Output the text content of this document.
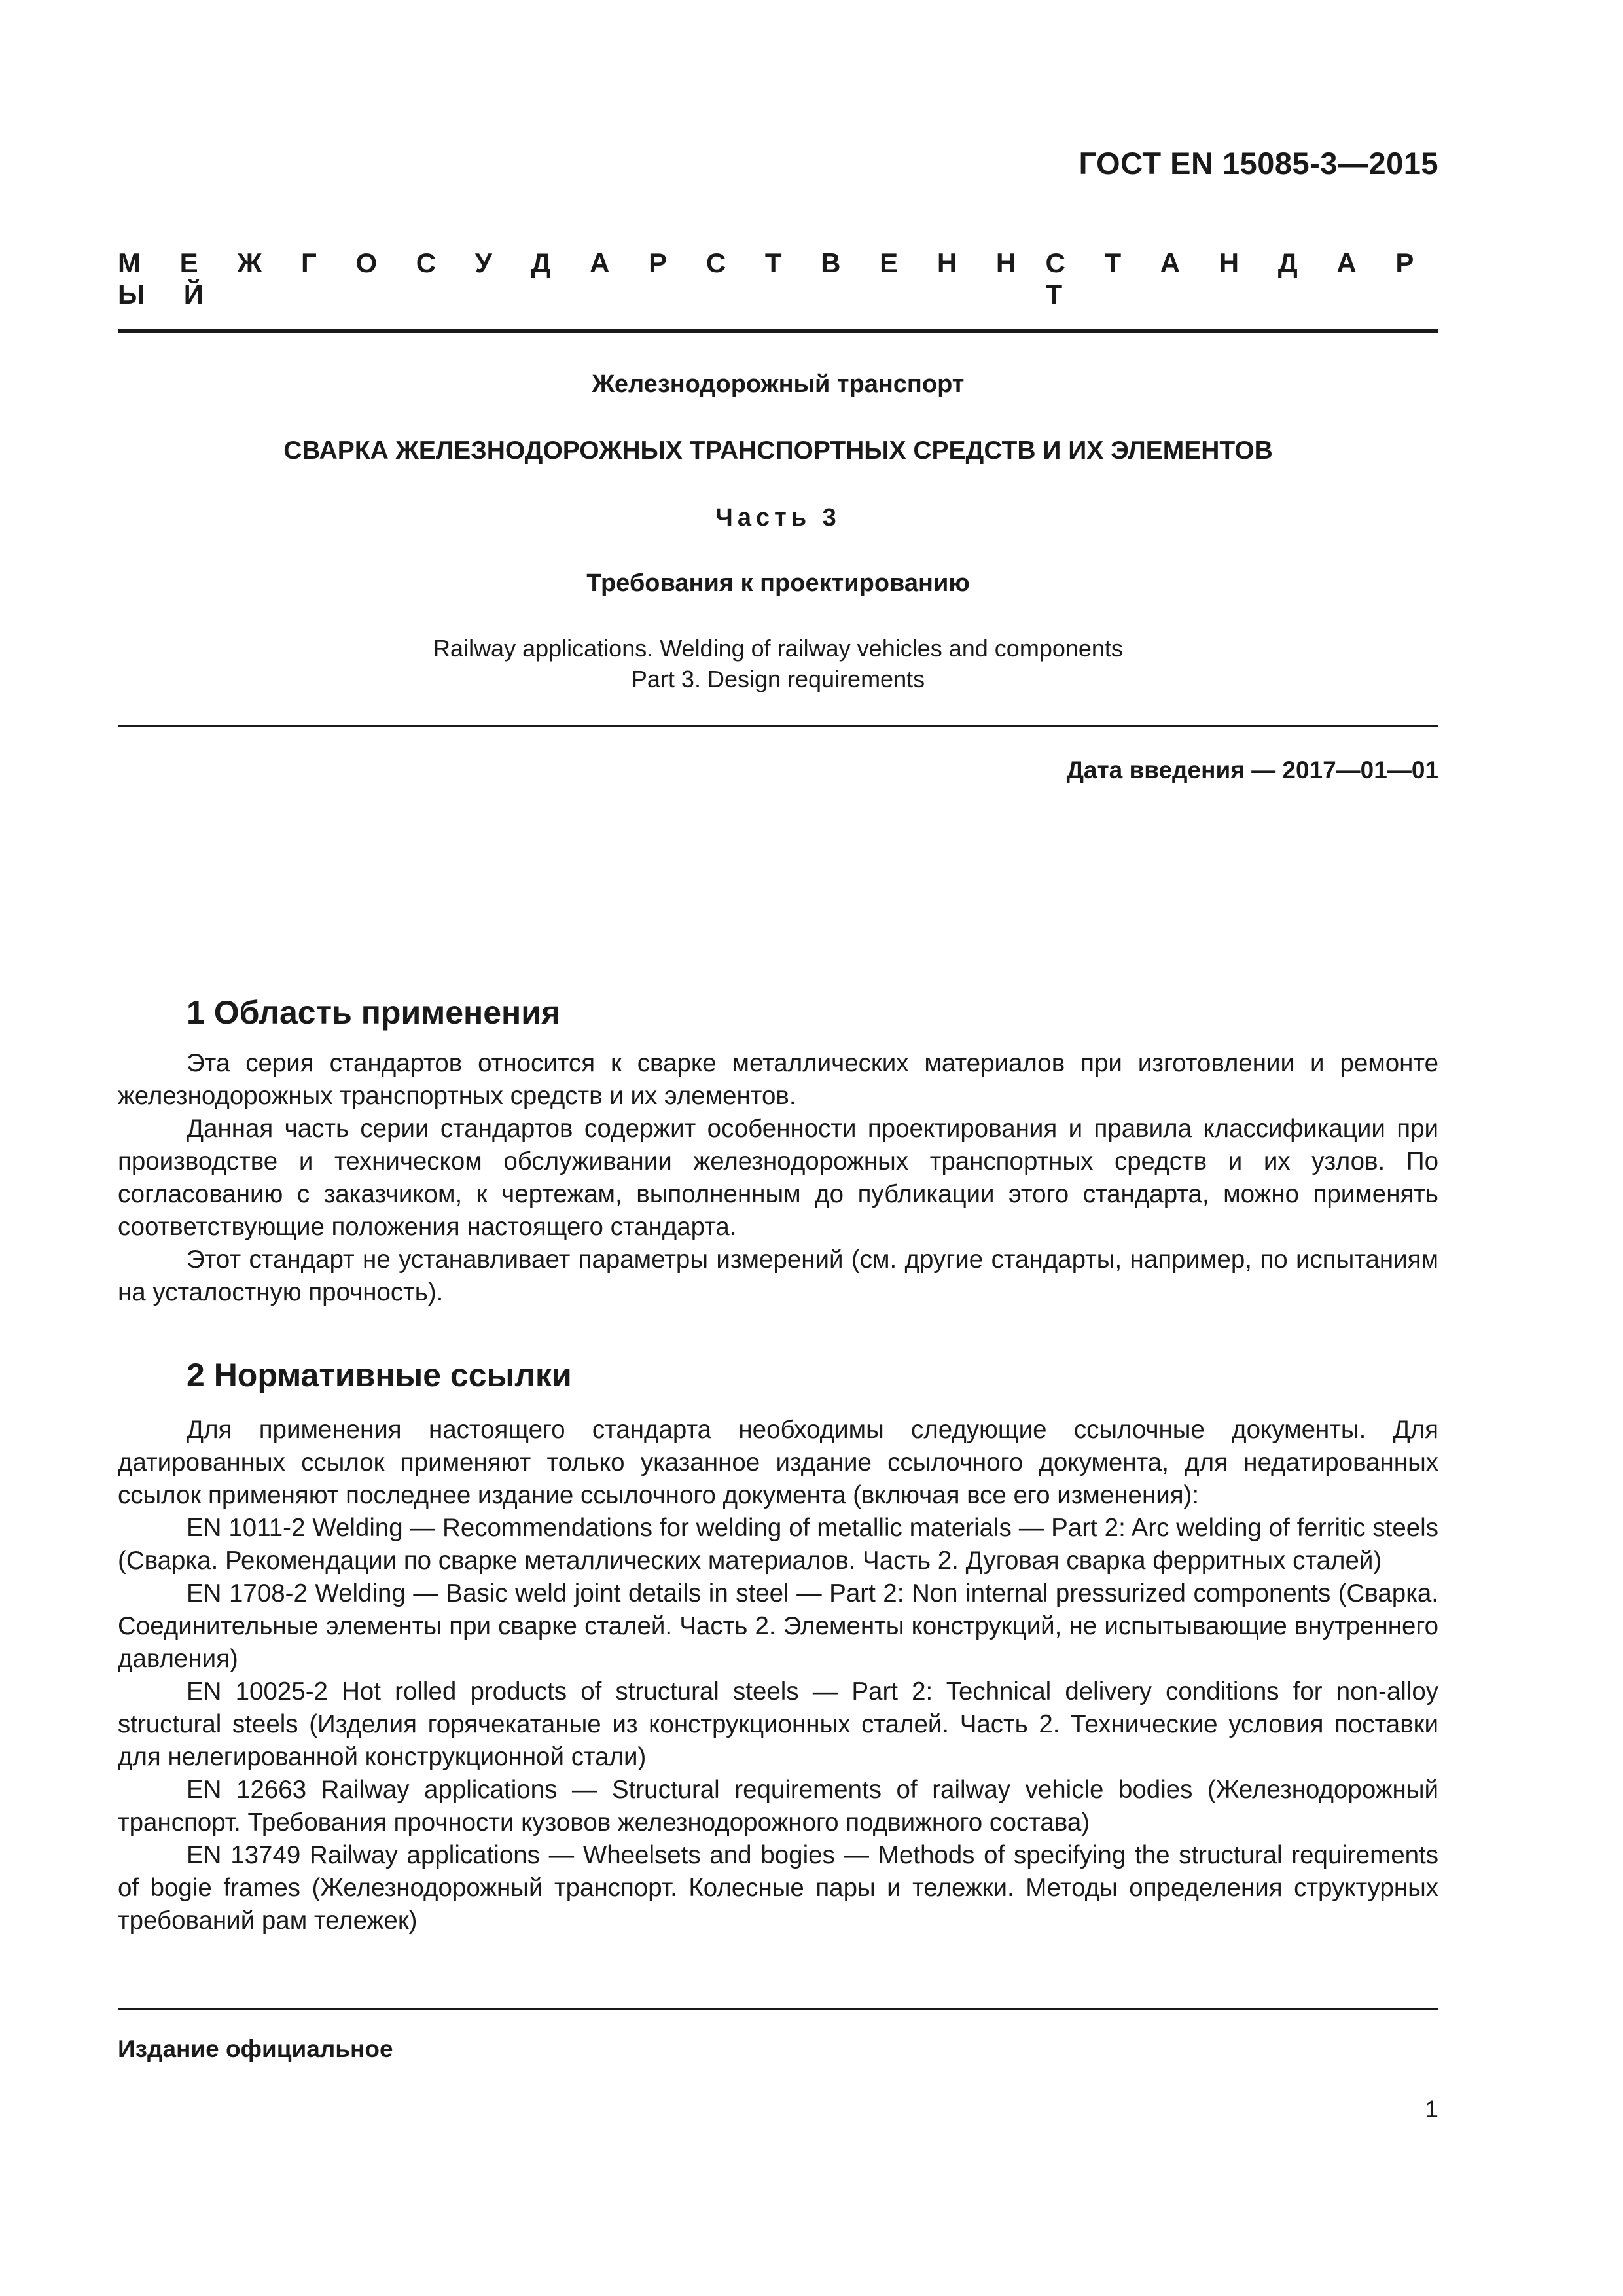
ГОСТ EN 15085-3—2015
М Е Ж Г О С У Д А Р С Т В Е Н Н Ы Й
С Т А Н Д А Р Т
Железнодорожный транспорт
СВАРКА ЖЕЛЕЗНОДОРОЖНЫХ ТРАНСПОРТНЫХ СРЕДСТВ И ИХ ЭЛЕМЕНТОВ
Часть 3
Требования к проектированию
Railway applications. Welding of railway vehicles and components
Part 3. Design requirements
Дата введения — 2017—01—01
1 Область применения

Эта серия стандартов относится к сварке металлических материалов при изготовлении и ремонте железнодорожных транспортных средств и их элементов.

Данная часть серии стандартов содержит особенности проектирования и правила классификации при производстве и техническом обслуживании железнодорожных транспортных средств и их узлов. По согласованию с заказчиком, к чертежам, выполненным до публикации этого стандарта, можно применять соответствующие положения настоящего стандарта.

Этот стандарт не устанавливает параметры измерений (см. другие стандарты, например, по испытаниям на усталостную прочность).

2 Нормативные ссылки

Для применения настоящего стандарта необходимы следующие ссылочные документы. Для датированных ссылок применяют только указанное издание ссылочного документа, для недатированных ссылок применяют последнее издание ссылочного документа (включая все его изменения):

EN 1011-2 Welding — Recommendations for welding of metallic materials — Part 2: Arc welding of ferritic steels (Сварка. Рекомендации по сварке металлических материалов. Часть 2. Дуговая сварка ферритных сталей)

EN 1708-2 Welding — Basic weld joint details in steel — Part 2: Non internal pressurized components (Сварка. Соединительные элементы при сварке сталей. Часть 2. Элементы конструкций, не испытывающие внутреннего давления)

EN 10025-2 Hot rolled products of structural steels — Part 2: Technical delivery conditions for non-alloy structural steels (Изделия горячекатаные из конструкционных сталей. Часть 2. Технические условия поставки для нелегированной конструкционной стали)

EN 12663 Railway applications — Structural requirements of railway vehicle bodies (Железнодорожный транспорт. Требования прочности кузовов железнодорожного подвижного состава)

EN 13749 Railway applications — Wheelsets and bogies — Methods of specifying the structural requirements of bogie frames (Железнодорожный транспорт. Колесные пары и тележки. Методы определения структурных требований рам тележек)

Издание официальное
1
